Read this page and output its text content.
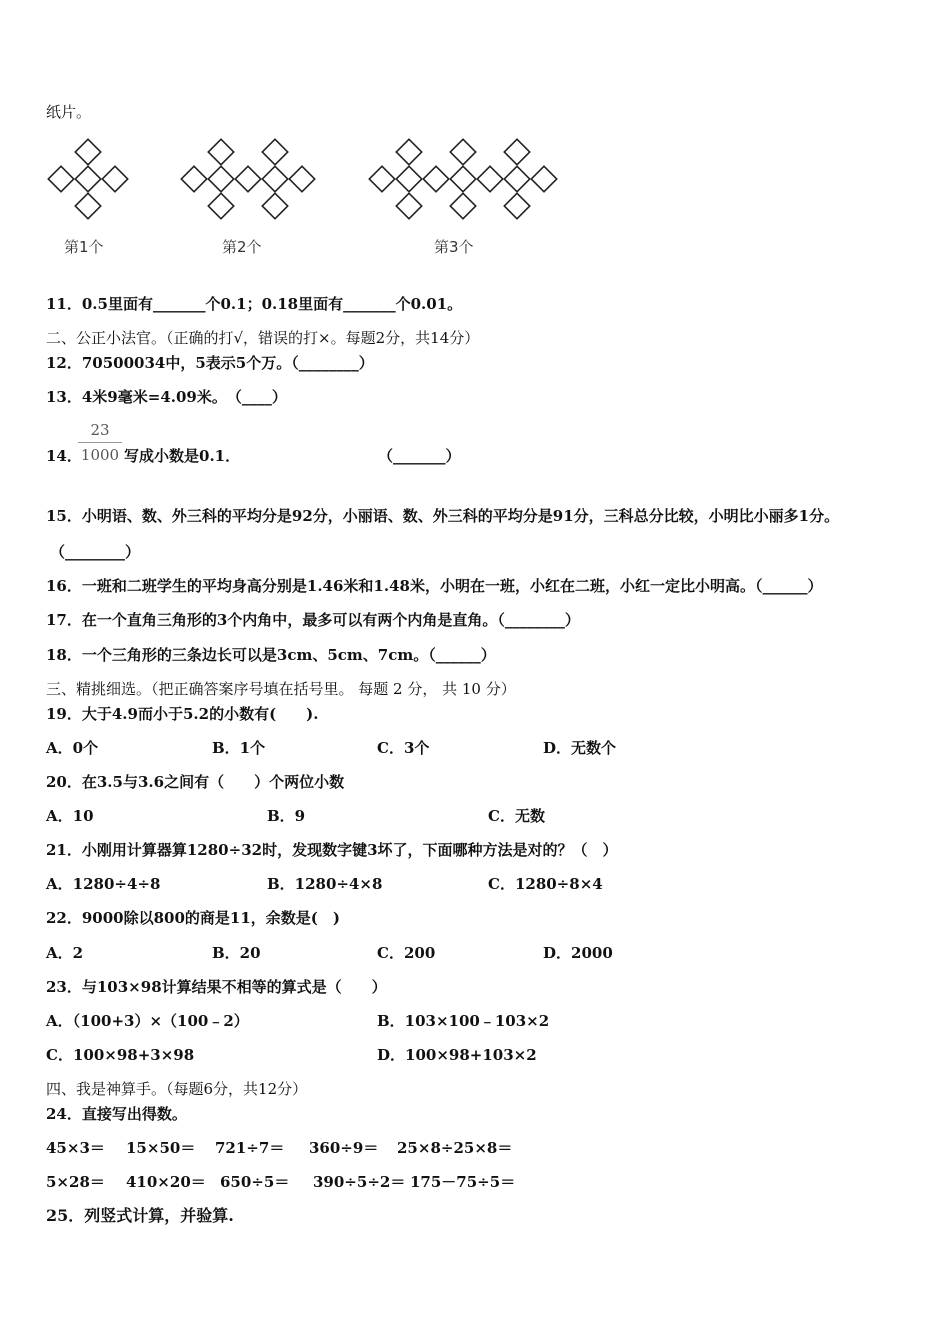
纸片。
第1个	第2个	第3个
11．0.5里面有_______个0.1；0.18里面有_______个0.01。
二、公正小法官。（正确的打√，错误的打×。每题2分，共14分）
12．70500034中，5表示5个万。（________）
13．4米9毫米=4.09米。　（____）
14．
$\frac{23}{1000}$ 写成小数是0.1．	（_______）
15．小明语、数、外三科的平均分是92分，小丽语、数、外三科的平均分是91分，三科总分比较，小明比小丽多1分。
（________）
16．一班和二班学生的平均身高分别是1.46米和1.48米，小明在一班，小红在二班，小红一定比小明高。（______）
17．在一个直角三角形的3个内角中，最多可以有两个内角是直角。（________）
18．一个三角形的三条边长可以是3cm、5cm、7cm。（______）
三、精挑细选。（把正确答案序号填在括号里。 每题 2 分， 共 10 分）
19．大于4.9而小于5.2的小数有(　　).
A．0个	B．1个	C．3个	D．无数个
20．在3.5与3.6之间有（　　）个两位小数
A．10	B．9	C．无数
21．小刚用计算器算1280÷32时，发现数字键3坏了，下面哪种方法是对的？（　）
A．1280÷4÷8	B．1280÷4×8	C．1280÷8×4
22．9000除以800的商是11，余数是(　)
A．2	B．20	C．200	D．2000
23．与103×98计算结果不相等的算式是（　　）
A．（100+3）×（100﹣2）	B．103×100﹣103×2
C．100×98+3×98	D．100×98+103×2
四、我是神算手。（每题6分，共12分）
24．直接写出得数。
45×3＝ 15×50＝ 721÷7＝ 360÷9＝ 25×8÷25×8＝
5×28＝ 410×20＝ 650÷5＝ 390÷5÷2＝ 175－75÷5＝
25．列竖式计算，并验算.
